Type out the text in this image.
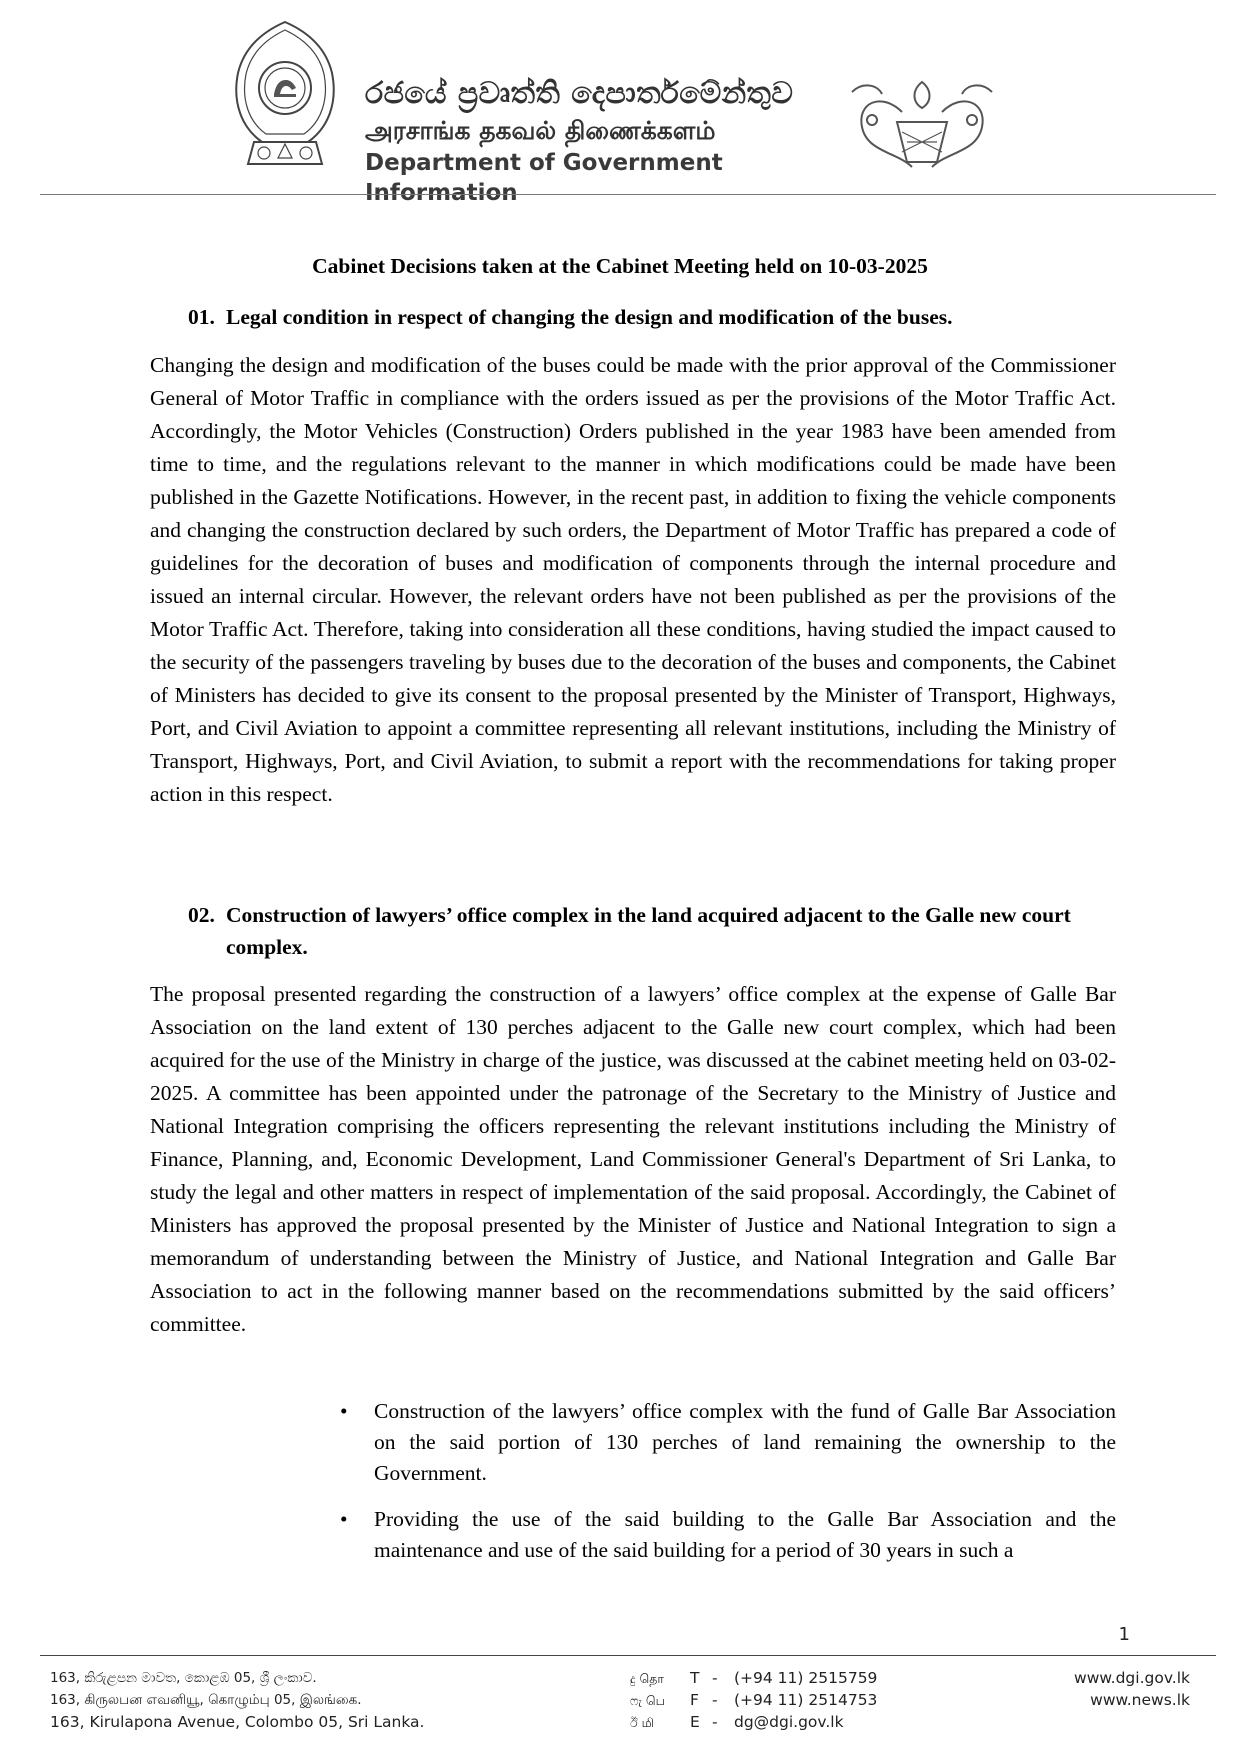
රජයේ ප්‍රවෘත්ති දෙපාර්තමේන්තුව
அரசாங்க தகவல் திணைக்களம்
Department of Government Information
Cabinet Decisions taken at the Cabinet Meeting held on 10-03-2025
01. Legal condition in respect of changing the design and modification of the buses.

Changing the design and modification of the buses could be made with the prior approval of the Commissioner General of Motor Traffic in compliance with the orders issued as per the provisions of the Motor Traffic Act. Accordingly, the Motor Vehicles (Construction) Orders published in the year 1983 have been amended from time to time, and the regulations relevant to the manner in which modifications could be made have been published in the Gazette Notifications. However, in the recent past, in addition to fixing the vehicle components and changing the construction declared by such orders, the Department of Motor Traffic has prepared a code of guidelines for the decoration of buses and modification of components through the internal procedure and issued an internal circular. However, the relevant orders have not been published as per the provisions of the Motor Traffic Act. Therefore, taking into consideration all these conditions, having studied the impact caused to the security of the passengers traveling by buses due to the decoration of the buses and components, the Cabinet of Ministers has decided to give its consent to the proposal presented by the Minister of Transport, Highways, Port, and Civil Aviation to appoint a committee representing all relevant institutions, including the Ministry of Transport, Highways, Port, and Civil Aviation, to submit a report with the recommendations for taking proper action in this respect.

02. Construction of lawyers’ office complex in the land acquired adjacent to the Galle new court complex.

The proposal presented regarding the construction of a lawyers’ office complex at the expense of Galle Bar Association on the land extent of 130 perches adjacent to the Galle new court complex, which had been acquired for the use of the Ministry in charge of the justice, was discussed at the cabinet meeting held on 03-02-2025. A committee has been appointed under the patronage of the Secretary to the Ministry of Justice and National Integration comprising the officers representing the relevant institutions including the Ministry of Finance, Planning, and, Economic Development, Land Commissioner General's Department of Sri Lanka, to study the legal and other matters in respect of implementation of the said proposal. Accordingly, the Cabinet of Ministers has approved the proposal presented by the Minister of Justice and National Integration to sign a memorandum of understanding between the Ministry of Justice, and National Integration and Galle Bar Association to act in the following manner based on the recommendations submitted by the said officers’ committee.

• Construction of the lawyers’ office complex with the fund of Galle Bar Association on the said portion of 130 perches of land remaining the ownership to the Government.
• Providing the use of the said building to the Galle Bar Association and the maintenance and use of the said building for a period of 30 years in such a
1
163, කිරුළපන මාවත, කොළඹ 05, ශ්‍රී ලංකාව.
163, கிருலபன எவனியூ, கொழும்பு 05, இலங்கை.
163, Kirulapona Avenue, Colombo 05, Sri Lanka.
දු தொ T - (+94 11) 2515759
ෆැ பெ F - (+94 11) 2514753
ඊ மி E - dg@dgi.gov.lk
www.dgi.gov.lk
www.news.lk
